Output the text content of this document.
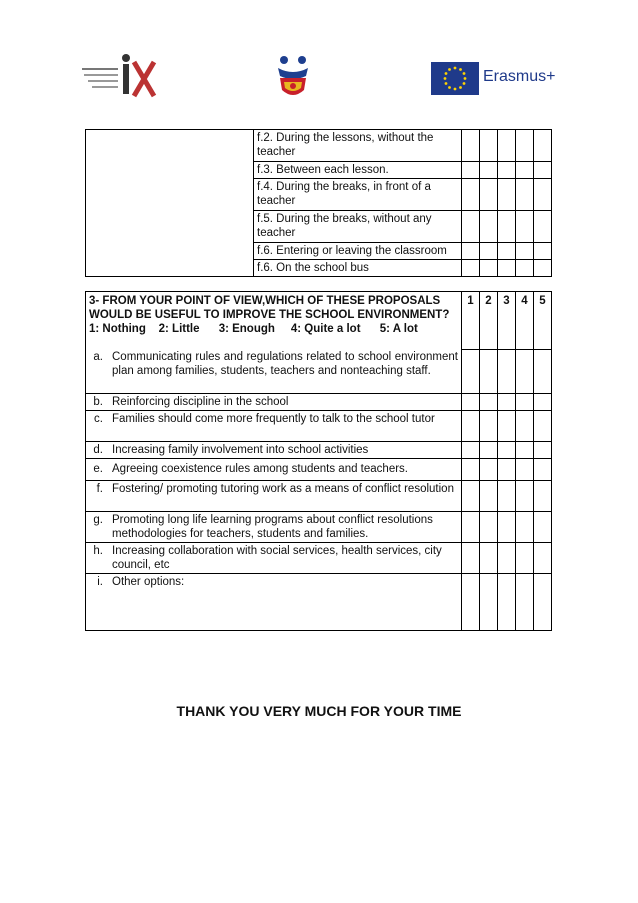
Erasmus+
	f.2. During the lessons, without the teacher					
	f.3. Between each lesson.					
	f.4. During the breaks, in front of a teacher					
	f.5. During the breaks, without any teacher					
	f.6. Entering or leaving the classroom					
	f.6. On the school bus					
3- FROM YOUR POINT OF VIEW,WHICH OF THESE PROPOSALS
WOULD BE USEFUL TO IMPROVE THE SCHOOL ENVIRONMENT?
1: Nothing    2: Little      3: Enough     4: Quite a lot      5: A lot	1	2	3	4	5

a. Communicating rules and regulations related to school environment plan among families, students, teachers and nonteaching staff.					

b. Reinforcing discipline in the school					

c. Families should come more frequently to talk to the school tutor					

d. Increasing family involvement into school activities					

e. Agreeing coexistence rules among students and teachers.					

f. Fostering/ promoting tutoring work as a means of conflict resolution					

g. Promoting long life learning programs about conflict resolutions methodologies for teachers, students and families.					

h. Increasing collaboration with social services, health services, city council, etc					

i. Other options:					

THANK YOU VERY MUCH FOR YOUR TIME
